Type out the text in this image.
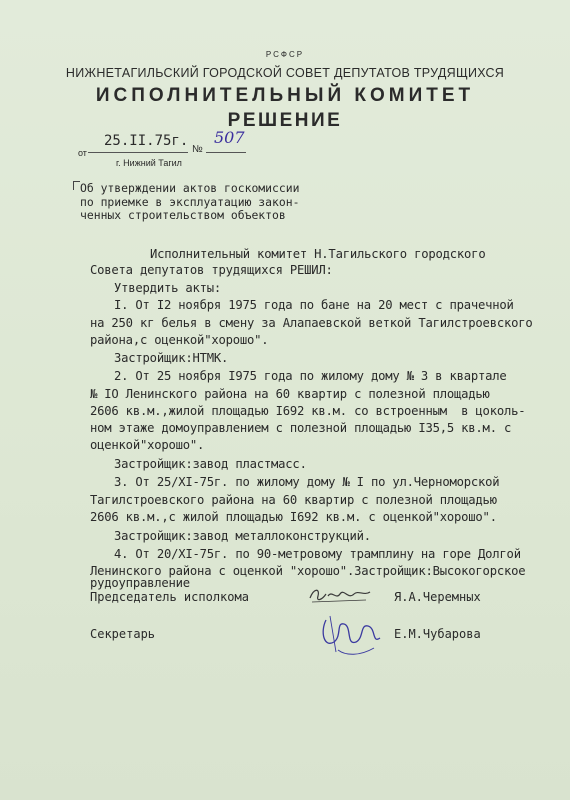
РСФСР
НИЖНЕТАГИЛЬСКИЙ ГОРОДСКОЙ СОВЕТ ДЕПУТАТОВ ТРУДЯЩИХСЯ
ИСПОЛНИТЕЛЬНЫЙ КОМИТЕТ
РЕШЕНИЕ
от
25.II.75г.
№
507
г. Нижний Тагил
Об утверждении актов госкомиссии
по приемке в эксплуатацию закон-
ченных строительством объектов
Исполнительный комитет Н.Тагильского городского
Совета депутатов трудящихся РЕШИЛ:
Утвердить акты:
I. От I2 ноября 1975 года по бане на 20 мест с прачечной
на 250 кг белья в смену за Алапаевской веткой Тагилстроевского
района,с оценкой"хорошо".
Застройщик:НТМК.
2. От 25 ноября I975 года по жилому дому № 3 в квартале
№ IO Ленинского района на 60 квартир с полезной площадью
2606 кв.м.,жилой площадью I692 кв.м. со встроенным  в цоколь-
ном этаже домоуправлением с полезной площадью I35,5 кв.м. с
оценкой"хорошо".
Застройщик:завод пластмасс.
3. От 25/XI-75г. по жилому дому № I по ул.Черноморской
Тагилстроевского района на 60 квартир с полезной площадью
2606 кв.м.,с жилой площадью I692 кв.м. с оценкой"хорошо".
Застройщик:завод металлоконструкций.
4. От 20/XI-75г. по 90-метровому трамплину на горе Долгой
Ленинского района с оценкой "хорошо".Застройщик:Высокогорское
рудоуправление
Председатель исполкома	Я.А.Черемных
Секретарь	Е.М.Чубарова
